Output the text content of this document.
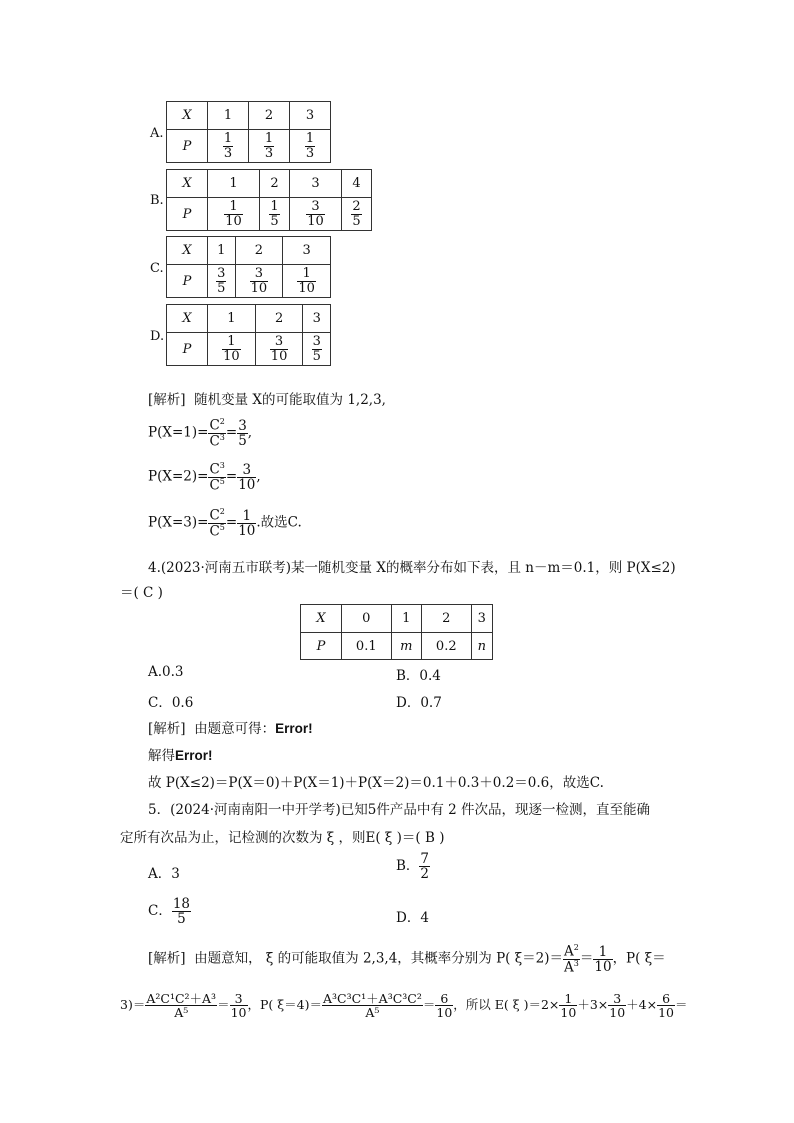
A.
X	1	2	3
P	$\frac{1}{3}$	$\frac{1}{3}$	$\frac{1}{3}$
B.
X	1	2	3	4
P	$\frac{1}{10}$	$\frac{1}{5}$	$\frac{3}{10}$	$\frac{2}{5}$
C.
X	1	2	3
P	$\frac{3}{5}$	$\frac{3}{10}$	$\frac{1}{10}$
D.
X	1	2	3
P	$\frac{1}{10}$	$\frac{3}{10}$	$\frac{3}{5}$
[解析] 随机变量 X的可能取值为 1,2,3,
$P(X=1)= \frac{C^2}{C^3} = \frac{3}{5}$ ,
$P(X=2)= \frac{C^3}{C^5} = \frac{3}{10}$ ,
$P(X=3)= \frac{C^2}{C^5} = \frac{1}{10}$ .故选C.
4.(2023·河南五市联考)某一随机变量 X的概率分布如下表，且 n－m＝0.1，则 P(X≤2)
＝( C )
X	0	1	2	3
P	0.1	m	0.2	n
A.0.3	B．0.4
C．0.6	D．0.7
[解析] 由题意可得：Error!
解得Error!
故 P(X≤2)＝P(X＝0)＋P(X＝1)＋P(X＝2)＝0.1＋0.3＋0.2＝0.6，故选C.
5．(2024·河南南阳一中开学考)已知5件产品中有 2 件次品，现逐一检测，直至能确
定所有次品为止，记检测的次数为 ξ ，则E( ξ )＝( B )
A．3	B． $\frac{7}{2}$
C． $\frac{18}{5}$	D．4
[解析] 由题意知， ξ 的可能取值为 2,3,4，其概率分别为 P( $\xi=2)= \frac{A^2}{A^3} = \frac{1}{10}$ ，P( ξ＝
$3)= \frac{\text{A²C¹C²＋A³}}{\text{A⁵}} = \frac{3}{10}$ ，P( $\xi=4)= \frac{\text{A³C³C¹＋A³C³C²}}{\text{A⁵}} = \frac{6}{10}$ ，所以 E( ξ )$=2\times \frac{1}{10} +3\times \frac{3}{10} +4\times \frac{6}{10}$ ＝
